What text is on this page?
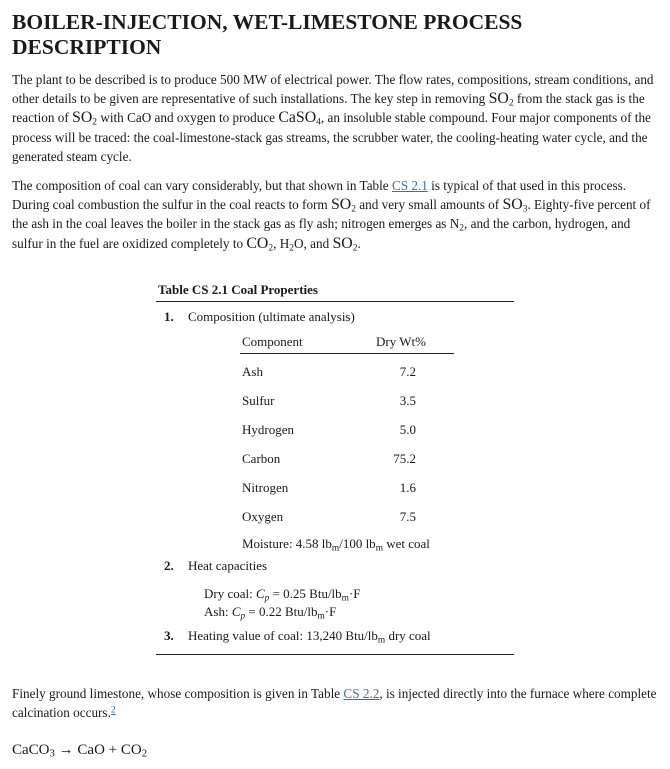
BOILER-INJECTION, WET-LIMESTONE PROCESS DESCRIPTION

The plant to be described is to produce 500 MW of electrical power. The flow rates, compositions, stream conditions, and other details to be given are representative of such installations. The key step in removing $SO_2$ from the stack gas is the reaction of $SO_2$ with CaO and oxygen to produce CaSO$_4$, an insoluble stable compound. Four major components of the process will be traced: the coal-limestone-stack gas streams, the scrubber water, the cooling-heating water cycle, and the generated steam cycle.

The composition of coal can vary considerably, but that shown in Table CS 2.1 is typical of that used in this process. During coal combustion the sulfur in the coal reacts to form $SO_2$ and very small amounts of $SO_3$. Eighty-five percent of the ash in the coal leaves the boiler in the stack gas as fly ash; nitrogen emerges as $N_2$, and the carbon, hydrogen, and sulfur in the fuel are oxidized completely to $CO_2$, $H_2O$, and $SO_2$.

Table CS 2.1 Coal Properties
1. Composition (ultimate analysis)
Component	Dry Wt%
Ash	7.2
Sulfur	3.5
Hydrogen	5.0
Carbon	75.2
Nitrogen	1.6
Oxygen	7.5
Moisture: 4.58 $lb_m/100$ $lb_m$ wet coal
2. Heat capacities
Dry coal: $C_p = 0.25$ Btu/$lb_m\cdot F$
Ash: $C_p = 0.22$ Btu/$lb_m\cdot F$
3. Heating value of coal: 13,240 Btu/$lb_m$ dry coal

Finely ground limestone, whose composition is given in Table CS 2.2, is injected directly into the furnace where complete calcination occurs.$^2$

CaCO$_3$ → CaO + $CO_2$
